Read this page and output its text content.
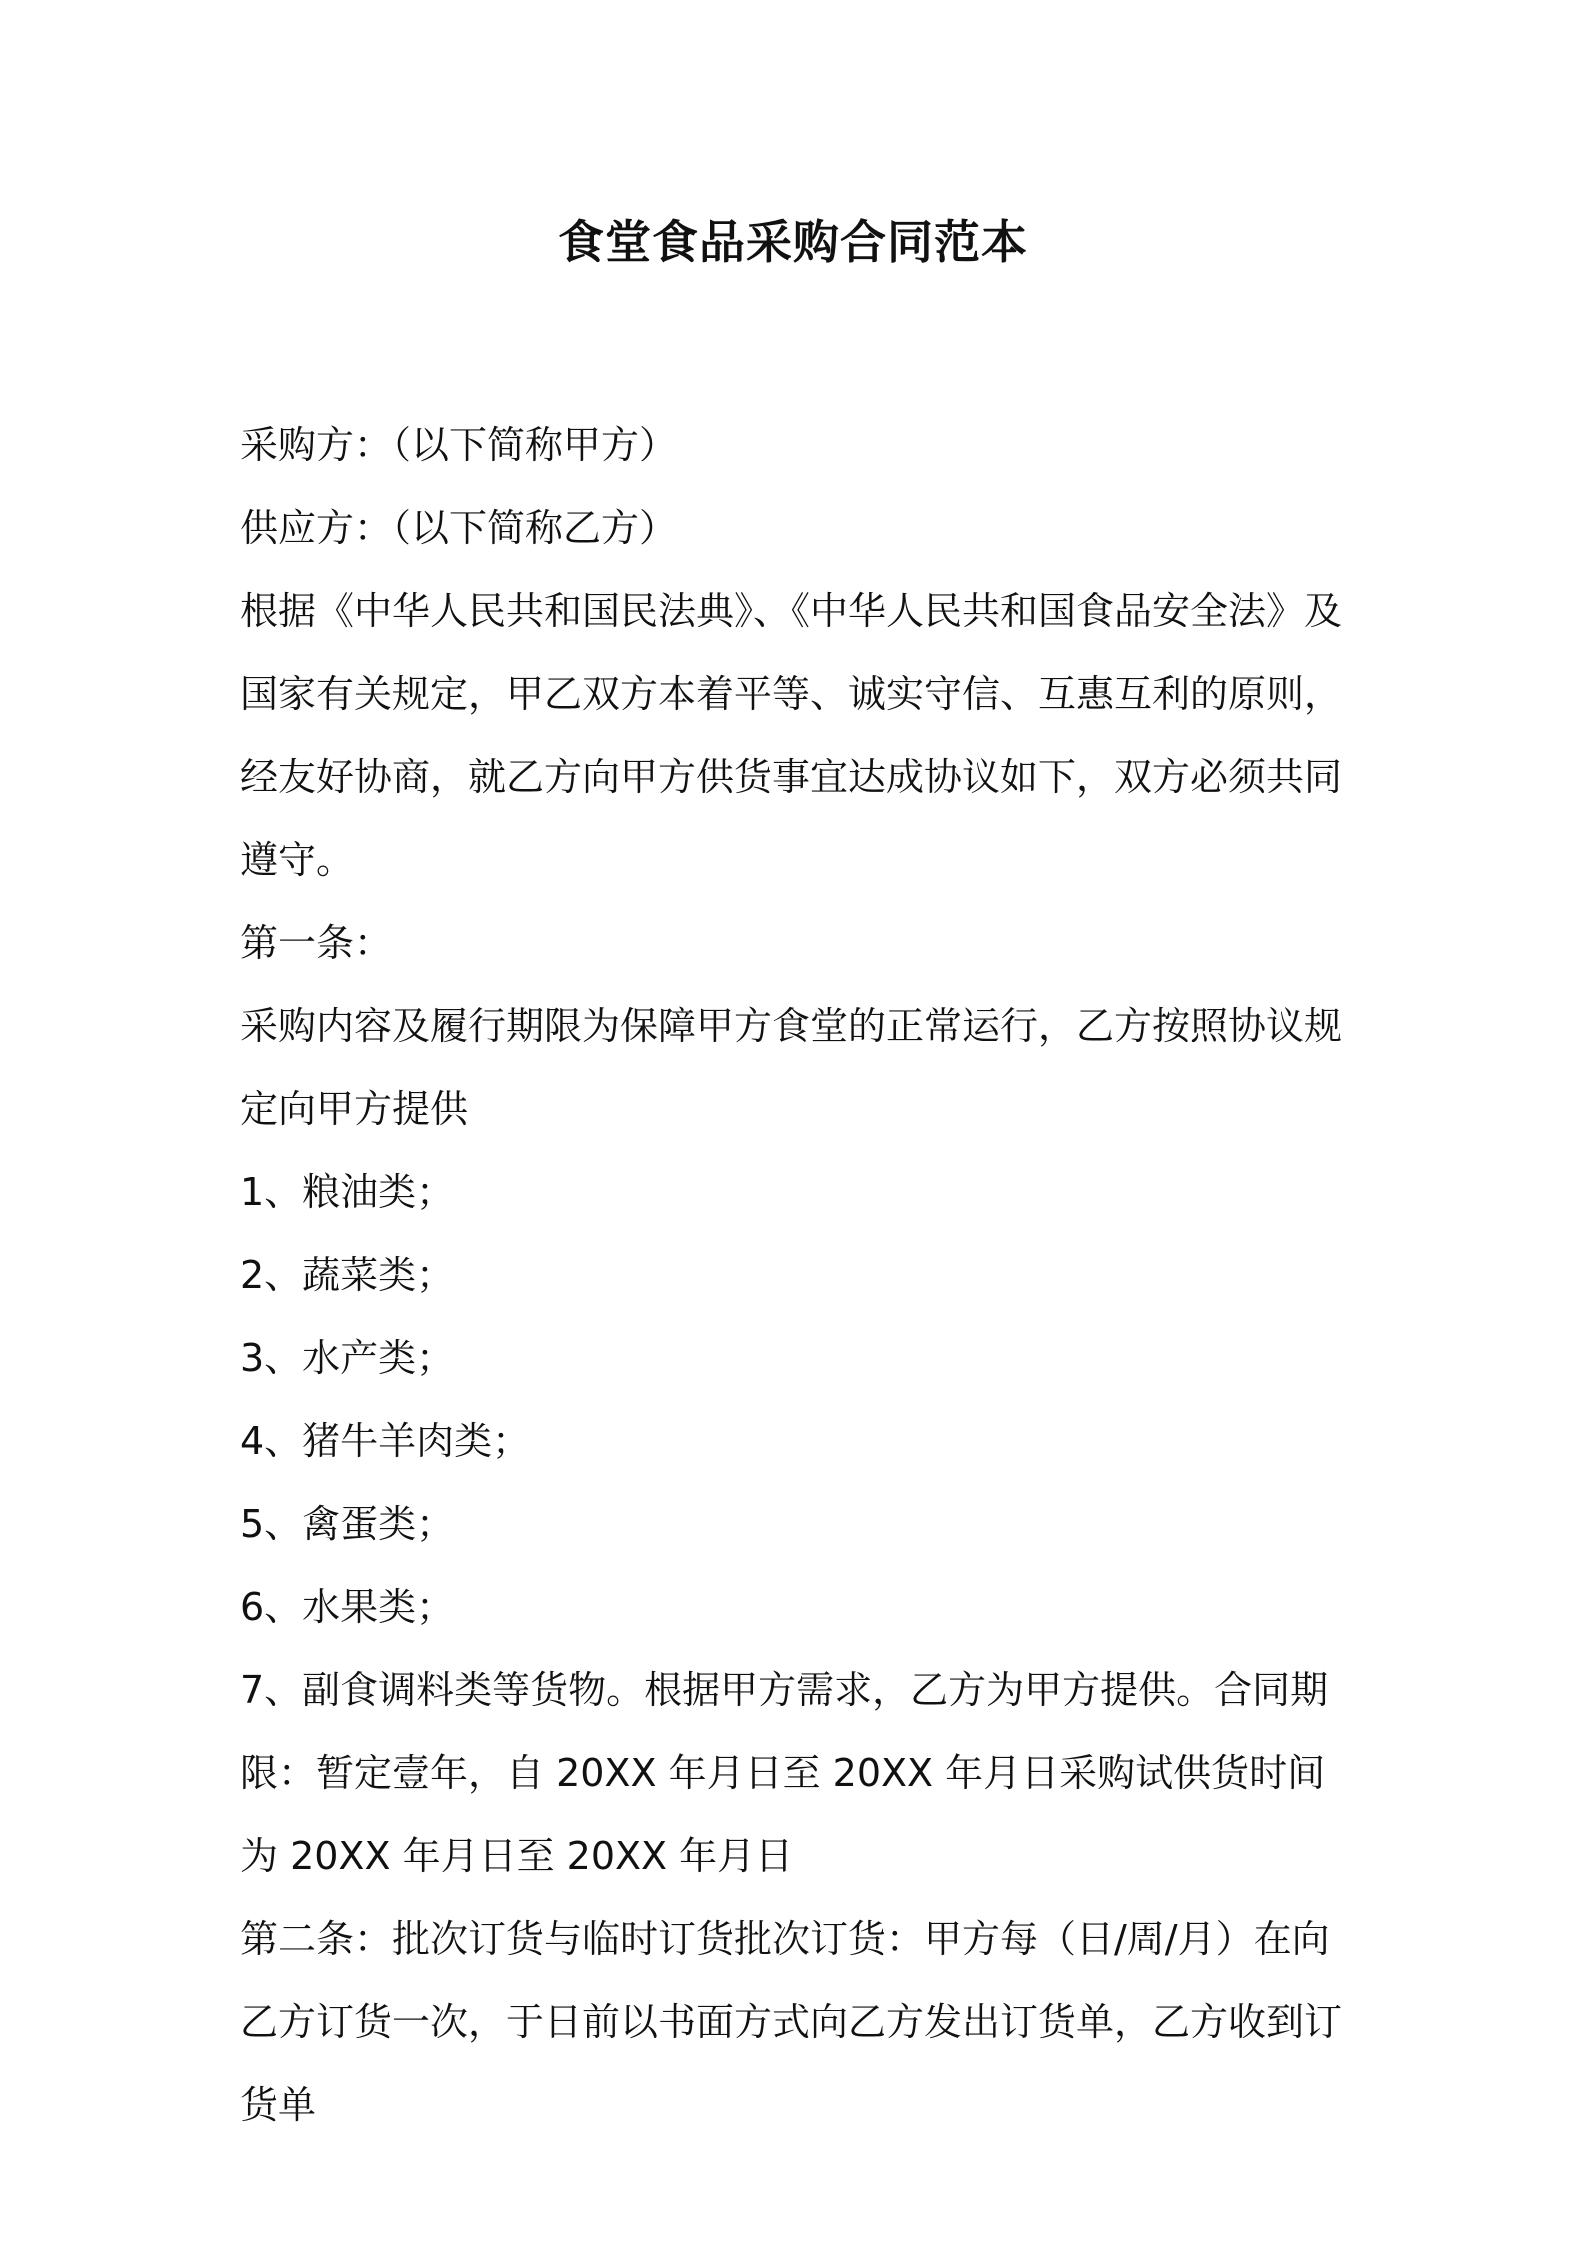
食堂食品采购合同范本

采购方：（以下简称甲方）

供应方：（以下简称乙方）

根据《中华人民共和国民法典》、《中华人民共和国食品安全法》及国家有关规定，甲乙双方本着平等、诚实守信、互惠互利的原则，经友好协商，就乙方向甲方供货事宜达成协议如下，双方必须共同遵守。

第一条：

采购内容及履行期限为保障甲方食堂的正常运行，乙方按照协议规定向甲方提供

1、粮油类；

2、蔬菜类；

3、水产类；

4、猪牛羊肉类；

5、禽蛋类；

6、水果类；

7、副食调料类等货物。根据甲方需求，乙方为甲方提供。合同期限：暂定壹年，自 20XX 年月日至 20XX 年月日采购试供货时间为 20XX 年月日至 20XX 年月日

第二条：批次订货与临时订货批次订货：甲方每（日/周/月）在向乙方订货一次，于日前以书面方式向乙方发出订货单，乙方收到订货单
